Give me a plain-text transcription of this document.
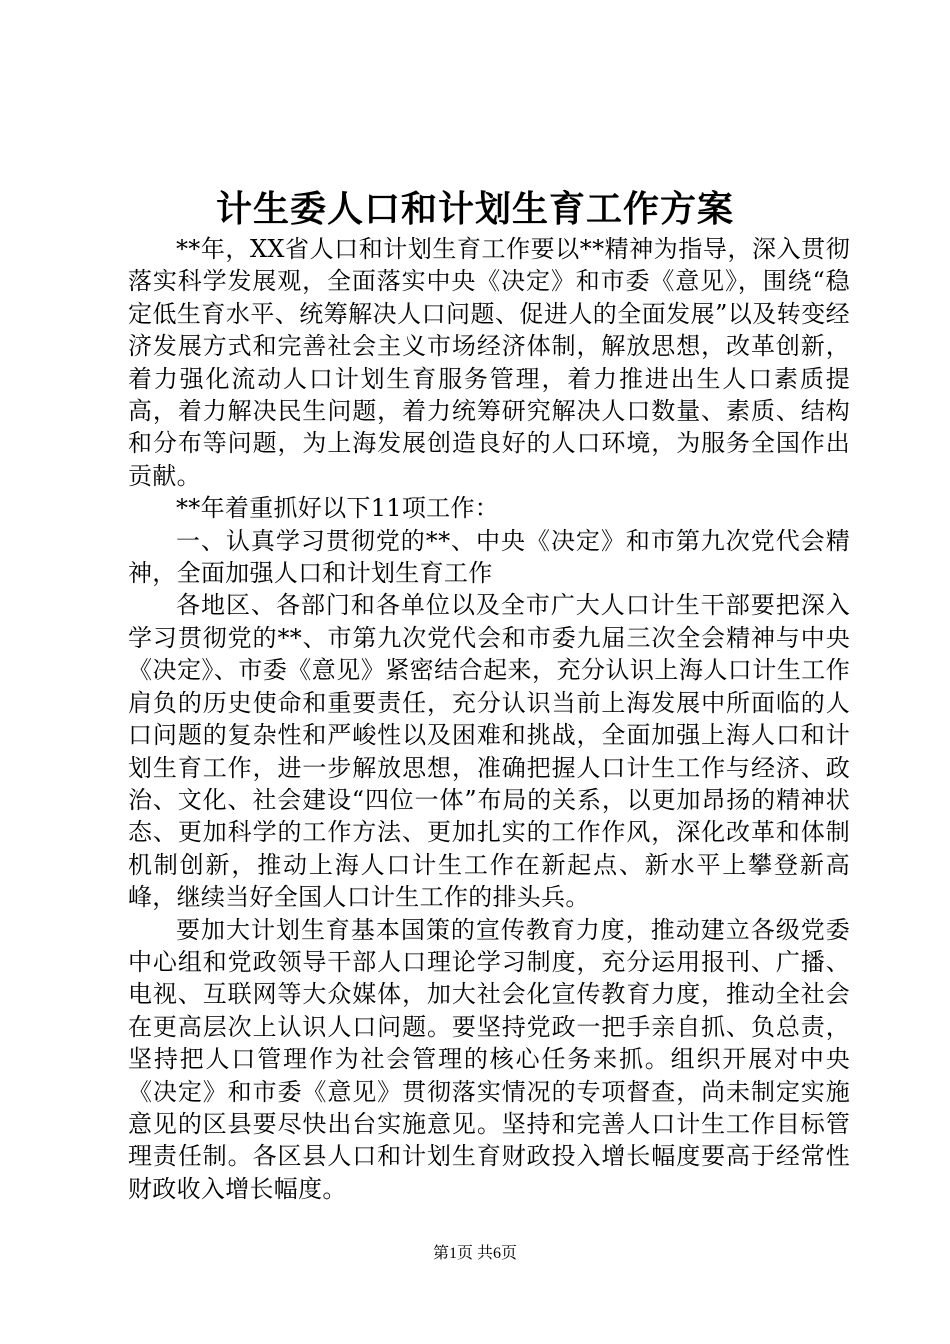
计生委人口和计划生育工作方案

**年，XX省人口和计划生育工作要以**精神为指导，深入贯彻落实科学发展观，全面落实中央《决定》和市委《意见》，围绕“稳定低生育水平、统筹解决人口问题、促进人的全面发展”以及转变经济发展方式和完善社会主义市场经济体制，解放思想，改革创新，着力强化流动人口计划生育服务管理，着力推进出生人口素质提高，着力解决民生问题，着力统筹研究解决人口数量、素质、结构和分布等问题，为上海发展创造良好的人口环境，为服务全国作出贡献。

**年着重抓好以下11项工作：

一、认真学习贯彻党的**、中央《决定》和市第九次党代会精神，全面加强人口和计划生育工作

各地区、各部门和各单位以及全市广大人口计生干部要把深入学习贯彻党的**、市第九次党代会和市委九届三次全会精神与中央《决定》、市委《意见》紧密结合起来，充分认识上海人口计生工作肩负的历史使命和重要责任，充分认识当前上海发展中所面临的人口问题的复杂性和严峻性以及困难和挑战，全面加强上海人口和计划生育工作，进一步解放思想，准确把握人口计生工作与经济、政治、文化、社会建设“四位一体”布局的关系，以更加昂扬的精神状态、更加科学的工作方法、更加扎实的工作作风，深化改革和体制机制创新，推动上海人口计生工作在新起点、新水平上攀登新高峰，继续当好全国人口计生工作的排头兵。

要加大计划生育基本国策的宣传教育力度，推动建立各级党委中心组和党政领导干部人口理论学习制度，充分运用报刊、广播、电视、互联网等大众媒体，加大社会化宣传教育力度，推动全社会在更高层次上认识人口问题。要坚持党政一把手亲自抓、负总责，坚持把人口管理作为社会管理的核心任务来抓。组织开展对中央《决定》和市委《意见》贯彻落实情况的专项督查，尚未制定实施意见的区县要尽快出台实施意见。坚持和完善人口计生工作目标管理责任制。各区县人口和计划生育财政投入增长幅度要高于经常性财政收入增长幅度。

第1页 共6页
